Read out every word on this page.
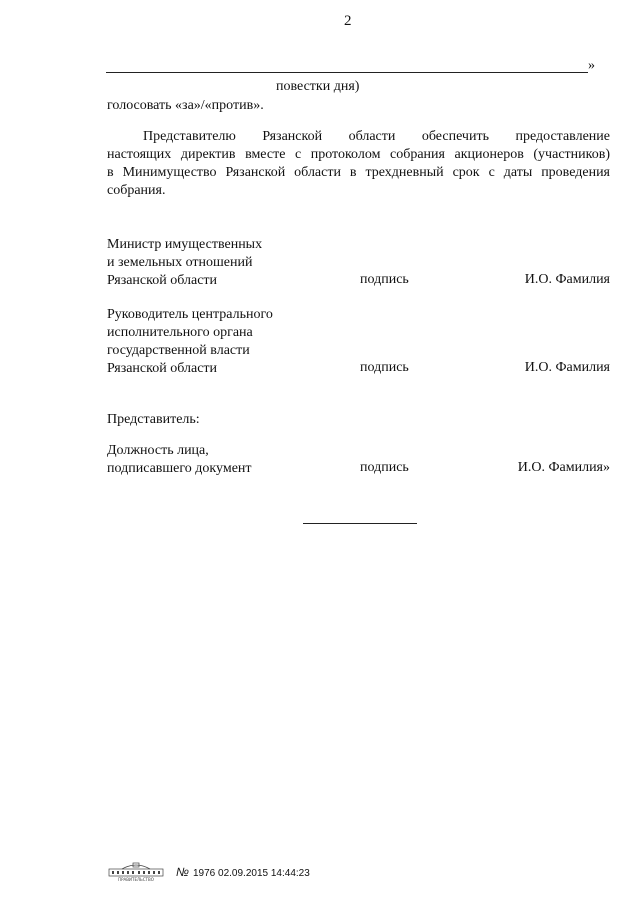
2
»
повестки дня)
голосовать «за»/«против».
Представителю Рязанской области обеспечить предоставление
настоящих директив вместе с протоколом собрания акционеров (участников)
в Минимущество Рязанской области в трехдневный срок с даты проведения
собрания.
Министр имущественных
и земельных отношений
Рязанской области	подпись	И.О. Фамилия
Руководитель центрального
исполнительного органа
государственной власти
Рязанской области	подпись	И.О. Фамилия
Представитель:
Должность лица,
подписавшего документ	подпись	И.О. Фамилия»
ПРАВИТЕЛЬСТВО
№ 1976 02.09.2015 14:44:23
